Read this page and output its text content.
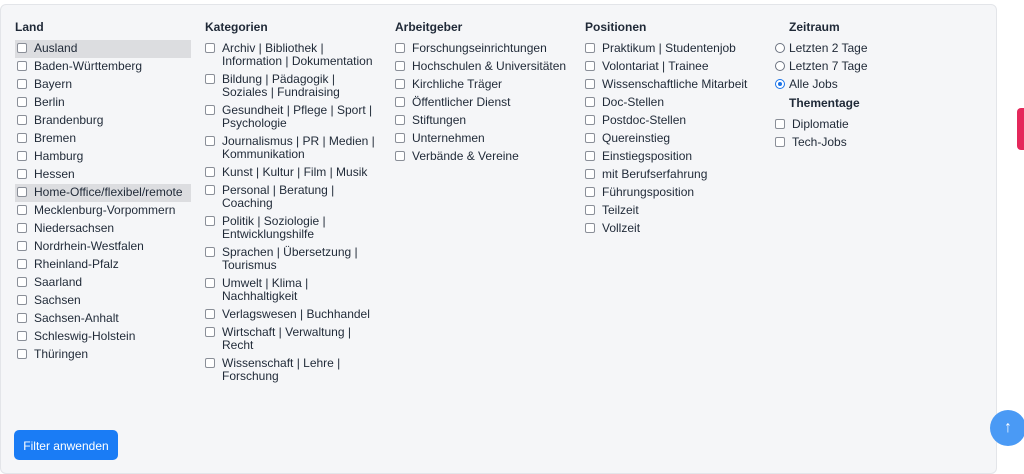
Land
Ausland
Baden-Württemberg
Bayern
Berlin
Brandenburg
Bremen
Hamburg
Hessen
Home-Office/flexibel/remote
Mecklenburg-Vorpommern
Niedersachsen
Nordrhein-Westfalen
Rheinland-Pfalz
Saarland
Sachsen
Sachsen-Anhalt
Schleswig-Holstein
Thüringen
Kategorien
Archiv | Bibliothek | Information | Dokumentation
Bildung | Pädagogik | Soziales | Fundraising
Gesundheit | Pflege | Sport | Psychologie
Journalismus | PR | Medien | Kommunikation
Kunst | Kultur | Film | Musik
Personal | Beratung | Coaching
Politik | Soziologie | Entwicklungshilfe
Sprachen | Übersetzung | Tourismus
Umwelt | Klima | Nachhaltigkeit
Verlagswesen | Buchhandel
Wirtschaft | Verwaltung | Recht
Wissenschaft | Lehre | Forschung
Arbeitgeber
Forschungseinrichtungen
Hochschulen & Universitäten
Kirchliche Träger
Öffentlicher Dienst
Stiftungen
Unternehmen
Verbände & Vereine
Positionen
Praktikum | Studentenjob
Volontariat | Trainee
Wissenschaftliche Mitarbeit
Doc-Stellen
Postdoc-Stellen
Quereinstieg
Einstiegsposition
mit Berufserfahrung
Führungsposition
Teilzeit
Vollzeit
Zeitraum
Letzten 2 Tage
Letzten 7 Tage
Alle Jobs
Thementage
Diplomatie
Tech-Jobs
Filter anwenden
↑
